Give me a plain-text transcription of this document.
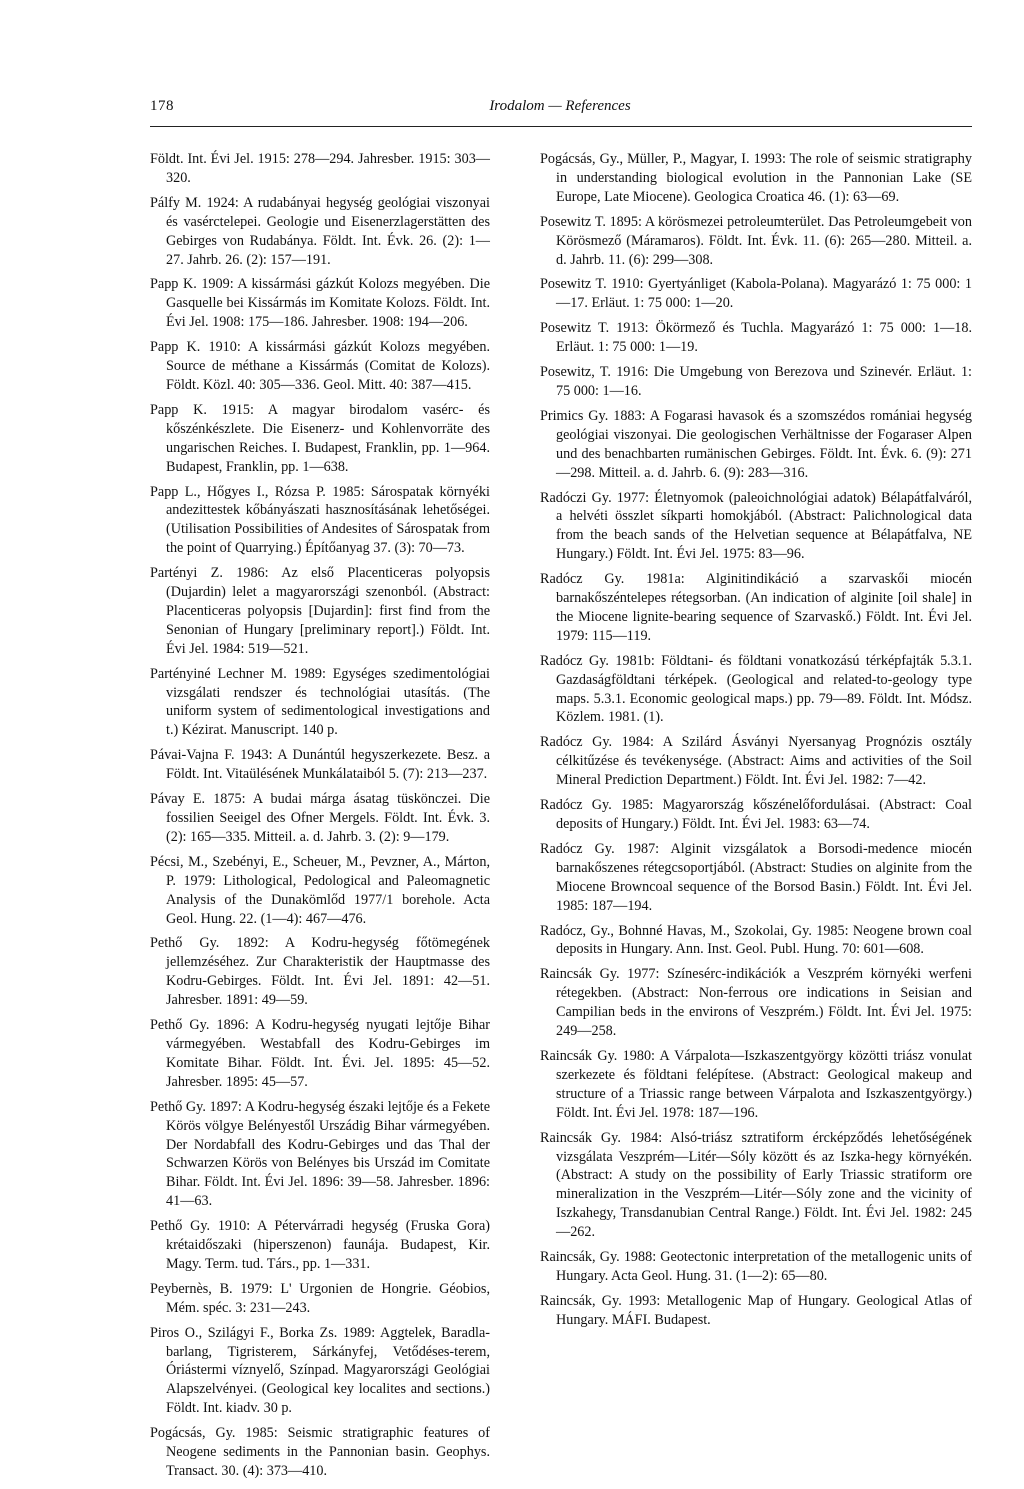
178	Irodalom — References

Földt. Int. Évi Jel. 1915: 278—294. Jahresber. 1915: 303—320.

Pálfy M. 1924: A rudabányai hegység geológiai viszonyai és vasérctelepei. Geologie und Eisenerzlagerstätten des Gebirges von Rudabánya. Földt. Int. Évk. 26. (2): 1—27. Jahrb. 26. (2): 157—191.

Papp K. 1909: A kissármási gázkút Kolozs megyében. Die Gasquelle bei Kissármás im Komitate Kolozs. Földt. Int. Évi Jel. 1908: 175—186. Jahresber. 1908: 194—206.

Papp K. 1910: A kissármási gázkút Kolozs megyében. Source de méthane a Kissármás (Comitat de Kolozs). Földt. Közl. 40: 305—336. Geol. Mitt. 40: 387—415.

Papp K. 1915: A magyar birodalom vasérc- és kőszénkészlete. Die Eisenerz- und Kohlenvorräte des ungarischen Reiches. I. Budapest, Franklin, pp. 1—964. Budapest, Franklin, pp. 1—638.

Papp L., Hőgyes I., Rózsa P. 1985: Sárospatak környéki andezittestek kőbányászati hasznosításának lehetőségei. (Utilisation Possibilities of Andesites of Sárospatak from the point of Quarrying.) Építőanyag 37. (3): 70—73.

Partényi Z. 1986: Az első Placenticeras polyopsis (Dujardin) lelet a magyarországi szenonból. (Abstract: Placenticeras polyopsis [Dujardin]: first find from the Senonian of Hungary [preliminary report].) Földt. Int. Évi Jel. 1984: 519—521.

Partényiné Lechner M. 1989: Egységes szedimentológiai vizsgálati rendszer és technológiai utasítás. (The uniform system of sedimentological investigations and t.) Kézirat. Manuscript. 140 p.

Pávai-Vajna F. 1943: A Dunántúl hegyszerkezete. Besz. a Földt. Int. Vitaülésének Munkálataiból 5. (7): 213—237.

Pávay E. 1875: A budai márga ásatag tüskönczei. Die fossilien Seeigel des Ofner Mergels. Földt. Int. Évk. 3. (2): 165—335. Mitteil. a. d. Jahrb. 3. (2): 9—179.

Pécsi, M., Szebényi, E., Scheuer, M., Pevzner, A., Márton, P. 1979: Lithological, Pedological and Paleomagnetic Analysis of the Dunakömlőd 1977/1 borehole. Acta Geol. Hung. 22. (1—4): 467—476.

Pethő Gy. 1892: A Kodru-hegység főtömegének jellemzéséhez. Zur Charakteristik der Hauptmasse des Kodru-Gebirges. Földt. Int. Évi Jel. 1891: 42—51. Jahresber. 1891: 49—59.

Pethő Gy. 1896: A Kodru-hegység nyugati lejtője Bihar vármegyében. Westabfall des Kodru-Gebirges im Komitate Bihar. Földt. Int. Évi. Jel. 1895: 45—52. Jahresber. 1895: 45—57.

Pethő Gy. 1897: A Kodru-hegység északi lejtője és a Fekete Körös völgye Belényestől Urszádig Bihar vármegyében. Der Nordabfall des Kodru-Gebirges und das Thal der Schwarzen Körös von Belényes bis Urszád im Comitate Bihar. Földt. Int. Évi Jel. 1896: 39—58. Jahresber. 1896: 41—63.

Pethő Gy. 1910: A Pétervárradi hegység (Fruska Gora) krétaidőszaki (hiperszenon) faunája. Budapest, Kir. Magy. Term. tud. Társ., pp. 1—331.

Peybernès, B. 1979: L' Urgonien de Hongrie. Géobios, Mém. spéc. 3: 231—243.

Piros O., Szilágyi F., Borka Zs. 1989: Aggtelek, Baradla-barlang, Tigristerem, Sárkányfej, Vetődéses-terem, Óriástermi víznyelő, Színpad. Magyarországi Geológiai Alapszelvényei. (Geological key localites and sections.) Földt. Int. kiadv. 30 p.

Pogácsás, Gy. 1985: Seismic stratigraphic features of Neogene sediments in the Pannonian basin. Geophys. Transact. 30. (4): 373—410.

Pogácsás, Gy., Müller, P., Magyar, I. 1993: The role of seismic stratigraphy in understanding biological evolution in the Pannonian Lake (SE Europe, Late Miocene). Geologica Croatica 46. (1): 63—69.

Posewitz T. 1895: A körösmezei petroleumterület. Das Petroleumgebeit von Körösmező (Máramaros). Földt. Int. Évk. 11. (6): 265—280. Mitteil. a. d. Jahrb. 11. (6): 299—308.

Posewitz T. 1910: Gyertyánliget (Kabola-Polana). Magyarázó 1: 75 000: 1—17. Erläut. 1: 75 000: 1—20.

Posewitz T. 1913: Ökörmező és Tuchla. Magyarázó 1: 75 000: 1—18. Erläut. 1: 75 000: 1—19.

Posewitz, T. 1916: Die Umgebung von Berezova und Szinevér. Erläut. 1: 75 000: 1—16.

Primics Gy. 1883: A Fogarasi havasok és a szomszédos romániai hegység geológiai viszonyai. Die geologischen Verhältnisse der Fogaraser Alpen und des benachbarten rumänischen Gebirges. Földt. Int. Évk. 6. (9): 271—298. Mitteil. a. d. Jahrb. 6. (9): 283—316.

Radóczi Gy. 1977: Életnyomok (paleoichnológiai adatok) Bélapátfalváról, a helvéti összlet síkparti homokjából. (Abstract: Palichnological data from the beach sands of the Helvetian sequence at Bélapátfalva, NE Hungary.) Földt. Int. Évi Jel. 1975: 83—96.

Radócz Gy. 1981a: Alginitindikáció a szarvaskői miocén barnakőszéntelepes rétegsorban. (An indication of alginite [oil shale] in the Miocene lignite-bearing sequence of Szarvaskő.) Földt. Int. Évi Jel. 1979: 115—119.

Radócz Gy. 1981b: Földtani- és földtani vonatkozású térképfajták 5.3.1. Gazdaságföldtani térképek. (Geological and related-to-geology type maps. 5.3.1. Economic geological maps.) pp. 79—89. Földt. Int. Módsz. Közlem. 1981. (1).

Radócz Gy. 1984: A Szilárd Ásványi Nyersanyag Prognózis osztály célkitűzése és tevékenysége. (Abstract: Aims and activities of the Soil Mineral Prediction Department.) Földt. Int. Évi Jel. 1982: 7—42.

Radócz Gy. 1985: Magyarország kőszénelőfordulásai. (Abstract: Coal deposits of Hungary.) Földt. Int. Évi Jel. 1983: 63—74.

Radócz Gy. 1987: Alginit vizsgálatok a Borsodi-medence miocén barnakőszenes rétegcsoportjából. (Abstract: Studies on alginite from the Miocene Browncoal sequence of the Borsod Basin.) Földt. Int. Évi Jel. 1985: 187—194.

Radócz, Gy., Bohnné Havas, M., Szokolai, Gy. 1985: Neogene brown coal deposits in Hungary. Ann. Inst. Geol. Publ. Hung. 70: 601—608.

Raincsák Gy. 1977: Színesérc-indikációk a Veszprém környéki werfeni rétegekben. (Abstract: Non-ferrous ore indications in Seisian and Campilian beds in the environs of Veszprém.) Földt. Int. Évi Jel. 1975: 249—258.

Raincsák Gy. 1980: A Várpalota—Iszkaszentgyörgy közötti triász vonulat szerkezete és földtani felépítese. (Abstract: Geological makeup and structure of a Triassic range between Várpalota and Iszkaszentgyörgy.) Földt. Int. Évi Jel. 1978: 187—196.

Raincsák Gy. 1984: Alsó-triász sztratiform ércképződés lehetőségének vizsgálata Veszprém—Litér—Sóly között és az Iszka-hegy környékén. (Abstract: A study on the possibility of Early Triassic stratiform ore mineralization in the Veszprém—Litér—Sóly zone and the vicinity of Iszkahegy, Transdanubian Central Range.) Földt. Int. Évi Jel. 1982: 245—262.

Raincsák, Gy. 1988: Geotectonic interpretation of the metallogenic units of Hungary. Acta Geol. Hung. 31. (1—2): 65—80.

Raincsák, Gy. 1993: Metallogenic Map of Hungary. Geological Atlas of Hungary. MÁFI. Budapest.
